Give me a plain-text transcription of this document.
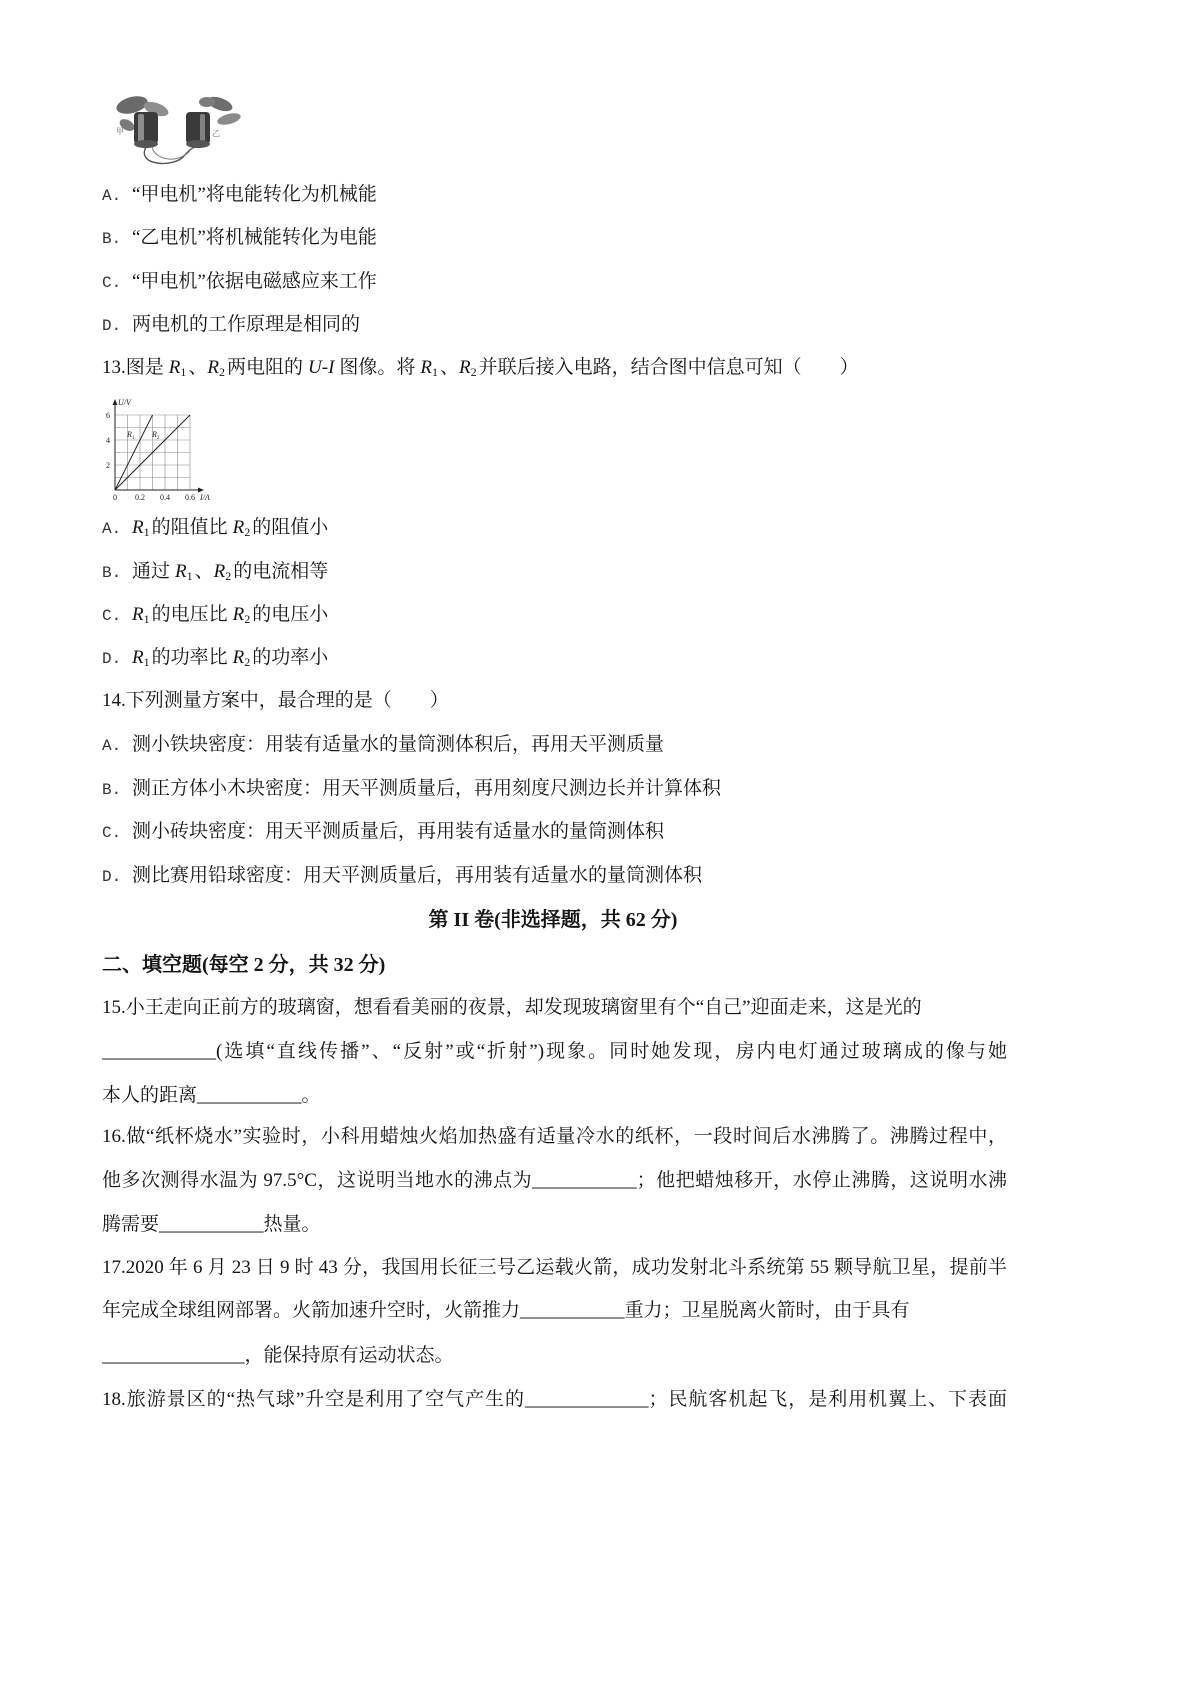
甲	乙
A. “甲电机”将电能转化为机械能
B. “乙电机”将机械能转化为电能
C. “甲电机”依据电磁感应来工作
D. 两电机的工作原理是相同的
13.图是 $R_1$ 、$R_2$ 两电阻的 U-I 图像。将 $R_1$ 、$R_2$ 并联后接入电路，结合图中信息可知（　　）
U/V
I/A
0 0.2 0.4 0.6
2
4
6
$R_1$ $R_2$
A. $R_1$ 的阻值比 $R_2$ 的阻值小
B. 通过 $R_1$ 、$R_2$ 的电流相等
C. $R_1$ 的电压比 $R_2$ 的电压小
D. $R_1$ 的功率比 $R_2$ 的功率小
14.下列测量方案中，最合理的是（　　）
A. 测小铁块密度：用装有适量水的量筒测体积后，再用天平测质量
B. 测正方体小木块密度：用天平测质量后，再用刻度尺测边长并计算体积
C. 测小砖块密度：用天平测质量后，再用装有适量水的量筒测体积
D. 测比赛用铅球密度：用天平测质量后，再用装有适量水的量筒测体积
第 II 卷(非选择题，共 62 分)
二、填空题(每空 2 分，共 32 分)
15.小王走向正前方的玻璃窗，想看看美丽的夜景，却发现玻璃窗里有个“自己”迎面走来，这是光的
____________(选填“直线传播”、“反射”或“折射”)现象。同时她发现，房内电灯通过玻璃成的像与她
本人的距离___________。
16.做“纸杯烧水”实验时，小科用蜡烛火焰加热盛有适量冷水的纸杯，一段时间后水沸腾了。沸腾过程中，
他多次测得水温为 97.5°C，这说明当地水的沸点为___________；他把蜡烛移开，水停止沸腾，这说明水沸
腾需要___________热量。
17.2020 年 6 月 23 日 9 时 43 分，我国用长征三号乙运载火箭，成功发射北斗系统第 55 颗导航卫星，提前半
年完成全球组网部署。火箭加速升空时，火箭推力___________重力；卫星脱离火箭时，由于具有
_______________，能保持原有运动状态。
18.旅游景区的“热气球”升空是利用了空气产生的_____________；民航客机起飞，是利用机翼上、下表面
